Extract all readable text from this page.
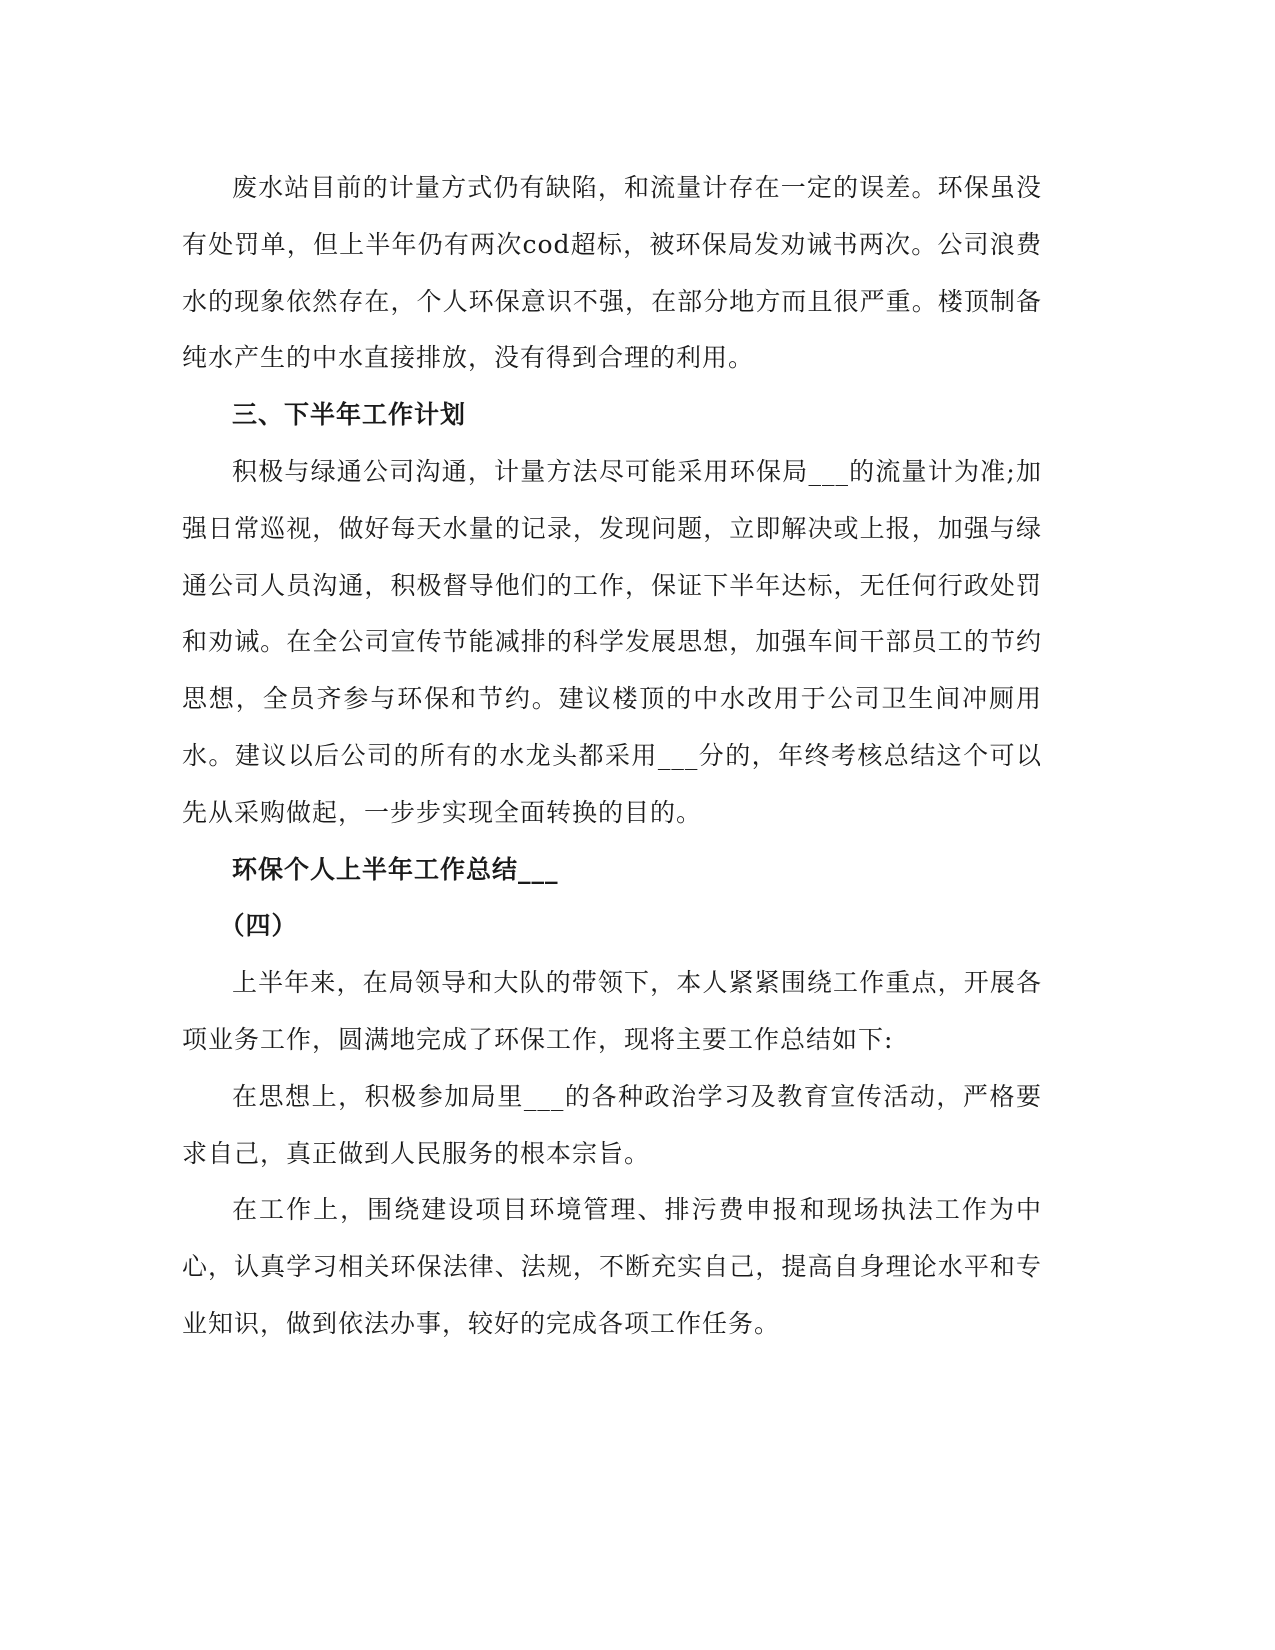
废水站目前的计量方式仍有缺陷，和流量计存在一定的误差。环保虽没有处罚单，但上半年仍有两次cod超标，被环保局发劝诫书两次。公司浪费水的现象依然存在，个人环保意识不强，在部分地方而且很严重。楼顶制备纯水产生的中水直接排放，没有得到合理的利用。

三、下半年工作计划

积极与绿通公司沟通，计量方法尽可能采用环保局___的流量计为准;加强日常巡视，做好每天水量的记录，发现问题，立即解决或上报，加强与绿通公司人员沟通，积极督导他们的工作，保证下半年达标，无任何行政处罚和劝诫。在全公司宣传节能减排的科学发展思想，加强车间干部员工的节约思想，全员齐参与环保和节约。建议楼顶的中水改用于公司卫生间冲厕用水。建议以后公司的所有的水龙头都采用___分的，年终考核总结这个可以先从采购做起，一步步实现全面转换的目的。

环保个人上半年工作总结___

（四）

上半年来，在局领导和大队的带领下，本人紧紧围绕工作重点，开展各项业务工作，圆满地完成了环保工作，现将主要工作总结如下:

在思想上，积极参加局里___的各种政治学习及教育宣传活动，严格要求自己，真正做到人民服务的根本宗旨。

在工作上，围绕建设项目环境管理、排污费申报和现场执法工作为中心，认真学习相关环保法律、法规，不断充实自己，提高自身理论水平和专业知识，做到依法办事，较好的完成各项工作任务。
